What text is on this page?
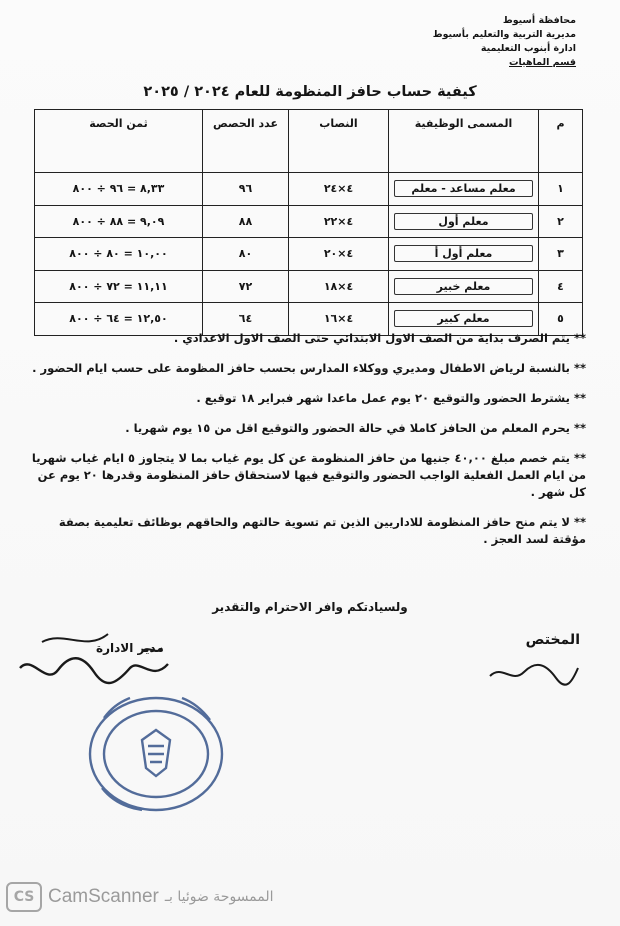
محافظة أسيوط
مديرية التربية والتعليم بأسيوط
ادارة أبنوب التعليمية
قسم الماهيات
كيفية حساب حافز المنظومة للعام ٢٠٢٤ / ٢٠٢٥
م	المسمى الوظيفية	النصاب	عدد الحصص	ثمن الحصة
١	معلم مساعد - معلم	٤×٢٤	٩٦	٨,٣٣ = ٩٦ ÷ ٨٠٠
٢	معلم أول	٤×٢٢	٨٨	٩,٠٩ = ٨٨ ÷ ٨٠٠
٣	معلم أول أ	٤×٢٠	٨٠	١٠,٠٠ = ٨٠ ÷ ٨٠٠
٤	معلم خبير	٤×١٨	٧٢	١١,١١ = ٧٢ ÷ ٨٠٠
٥	معلم كبير	٤×١٦	٦٤	١٢,٥٠ = ٦٤ ÷ ٨٠٠

** يتم الصرف بداية من الصف الاول الابتدائي حتى الصف الاول الاعدادي .

** بالنسبة لرياض الاطفال ومديري ووكلاء المدارس بحسب حافز المظومة على حسب ايام الحضور .

** يشترط الحضور والتوقيع ٢٠ يوم عمل ماعدا شهر فبراير ١٨ توقيع .

** يحرم المعلم من الحافز كاملا في حالة الحضور والتوقيع اقل من ١٥ يوم شهريا .

** يتم خصم مبلغ ٤٠,٠٠ جنيها من حافز المنظومة عن كل يوم غياب بما لا يتجاوز ٥ ايام غياب شهريا من ايام العمل الفعلية الواجب الحضور والتوقيع فيها لاستحقاق حافز المنظومة وقدرها ٢٠ يوم عن كل شهر .

** لا يتم منح حافز المنظومة للاداريين الذين تم تسوية حالتهم والحاقهم بوظائف تعليمية بصفة مؤقتة لسد العجز .

ولسيادتكم وافر الاحترام والتقدير
المختص
مدير الادارة
CS CamScanner الممسوحة ضوئيا بـ
